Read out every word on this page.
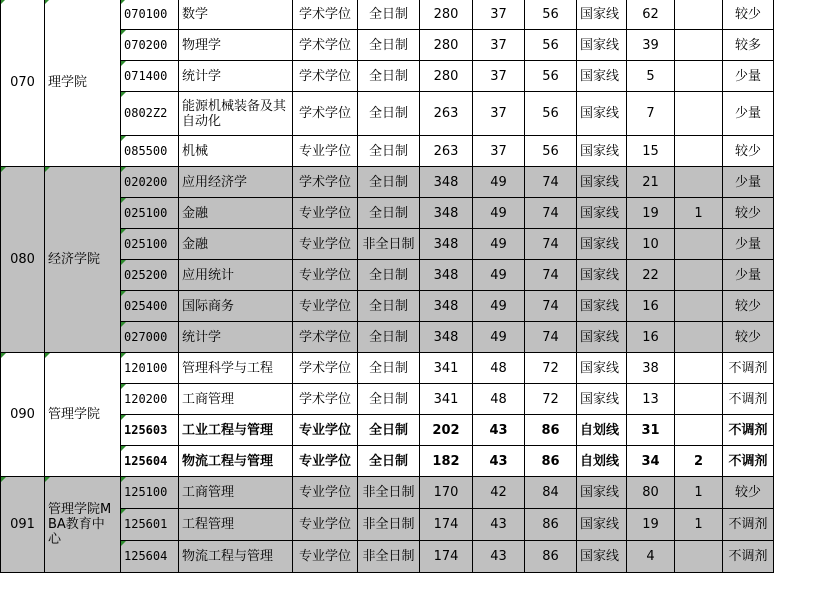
070	理学院	070100	数学	学术学位	全日制	280	37	56	国家线	62		较少
		070200	物理学	学术学位	全日制	280	37	56	国家线	39		较多
		071400	统计学	学术学位	全日制	280	37	56	国家线	5		少量
		0802Z2	能源机械装备及其自动化	学术学位	全日制	263	37	56	国家线	7		少量
		085500	机械	专业学位	全日制	263	37	56	国家线	15		较少
080	经济学院	020200	应用经济学	学术学位	全日制	348	49	74	国家线	21		少量
		025100	金融	专业学位	全日制	348	49	74	国家线	19	1	较少
		025100	金融	专业学位	非全日制	348	49	74	国家线	10		少量
		025200	应用统计	专业学位	全日制	348	49	74	国家线	22		少量
		025400	国际商务	专业学位	全日制	348	49	74	国家线	16		较少
		027000	统计学	学术学位	全日制	348	49	74	国家线	16		较少
090	管理学院	120100	管理科学与工程	学术学位	全日制	341	48	72	国家线	38		不调剂
		120200	工商管理	学术学位	全日制	341	48	72	国家线	13		不调剂
		125603	工业工程与管理	专业学位	全日制	202	43	86	自划线	31		不调剂
		125604	物流工程与管理	专业学位	全日制	182	43	86	自划线	34	2	不调剂
091	管理学院MBA教育中心	125100	工商管理	专业学位	非全日制	170	42	84	国家线	80	1	较少
		125601	工程管理	专业学位	非全日制	174	43	86	国家线	19	1	不调剂
		125604	物流工程与管理	专业学位	非全日制	174	43	86	国家线	4		不调剂
